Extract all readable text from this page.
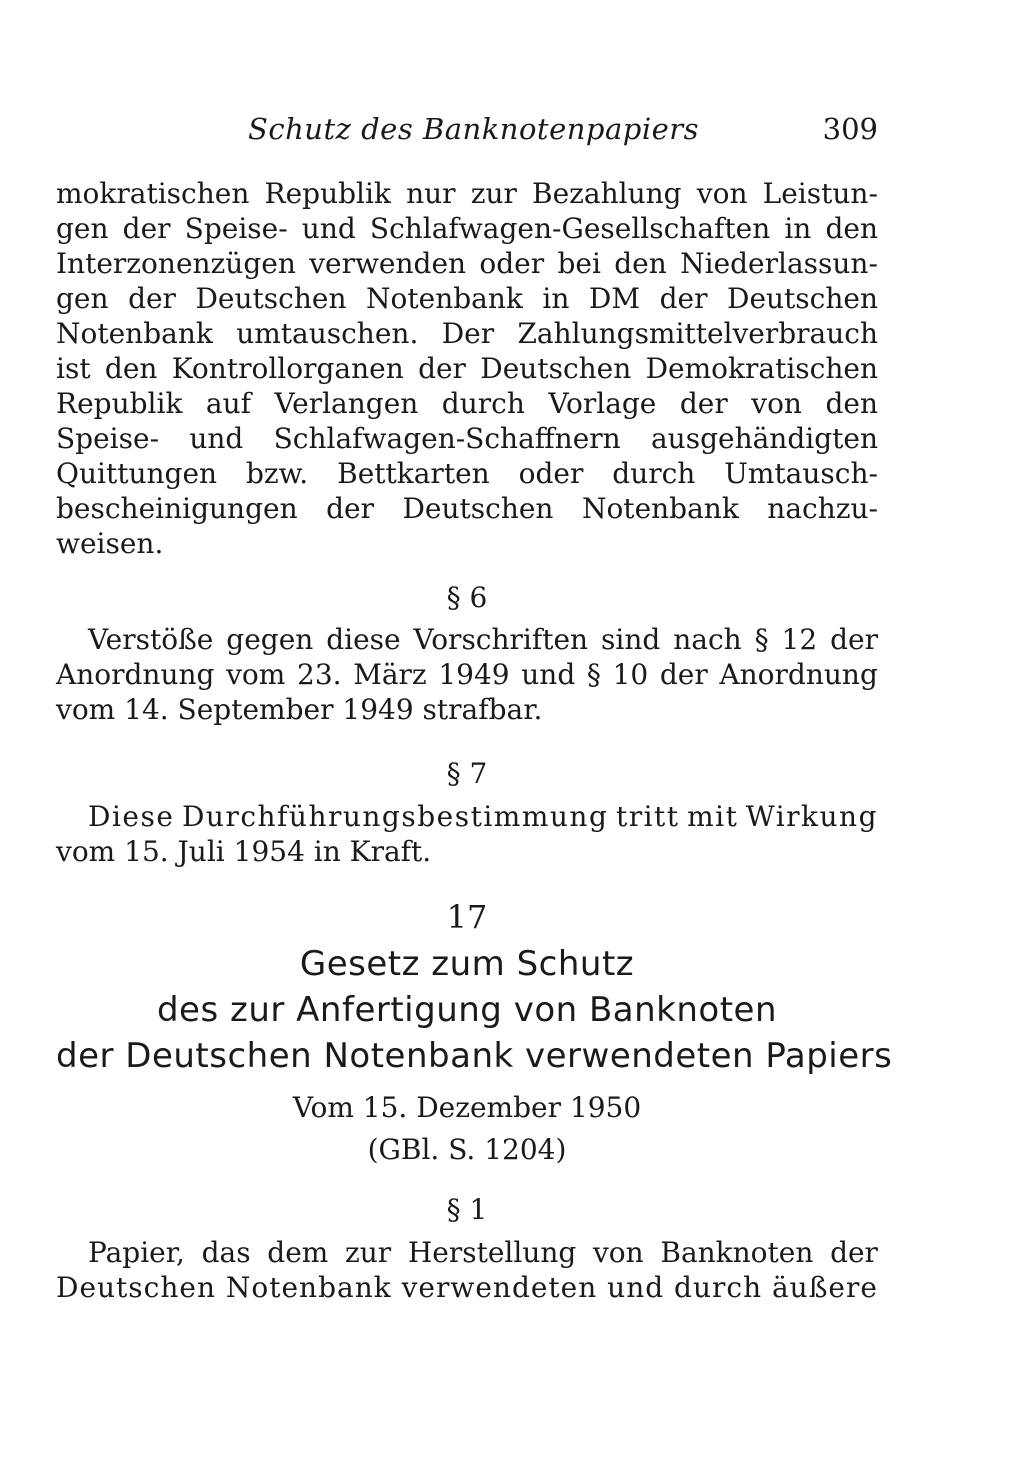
Schutz des Banknotenpapiers	309
mokratischen Republik nur zur Bezahlung von Leistun-
gen der Speise- und Schlafwagen-Gesellschaften in den
Interzonenzügen verwenden oder bei den Niederlassun-
gen der Deutschen Notenbank in DM der Deutschen
Notenbank umtauschen. Der Zahlungsmittelverbrauch
ist den Kontrollorganen der Deutschen Demokratischen
Republik auf Verlangen durch Vorlage der von den
Speise- und Schlafwagen-Schaffnern ausgehändigten
Quittungen bzw. Bettkarten oder durch Umtausch-
bescheinigungen der Deutschen Notenbank nachzu-
weisen.
§ 6
Verstöße gegen diese Vorschriften sind nach § 12 der
Anordnung vom 23. März 1949 und § 10 der Anordnung
vom 14. September 1949 strafbar.
§ 7
Diese Durchführungsbestimmung tritt mit Wirkung
vom 15. Juli 1954 in Kraft.
17
Gesetz zum Schutz
des zur Anfertigung von Banknoten
der Deutschen Notenbank verwendeten Papiers
Vom 15. Dezember 1950
(GBl. S. 1204)
§ 1
Papier, das dem zur Herstellung von Banknoten der
Deutschen Notenbank verwendeten und durch äußere
